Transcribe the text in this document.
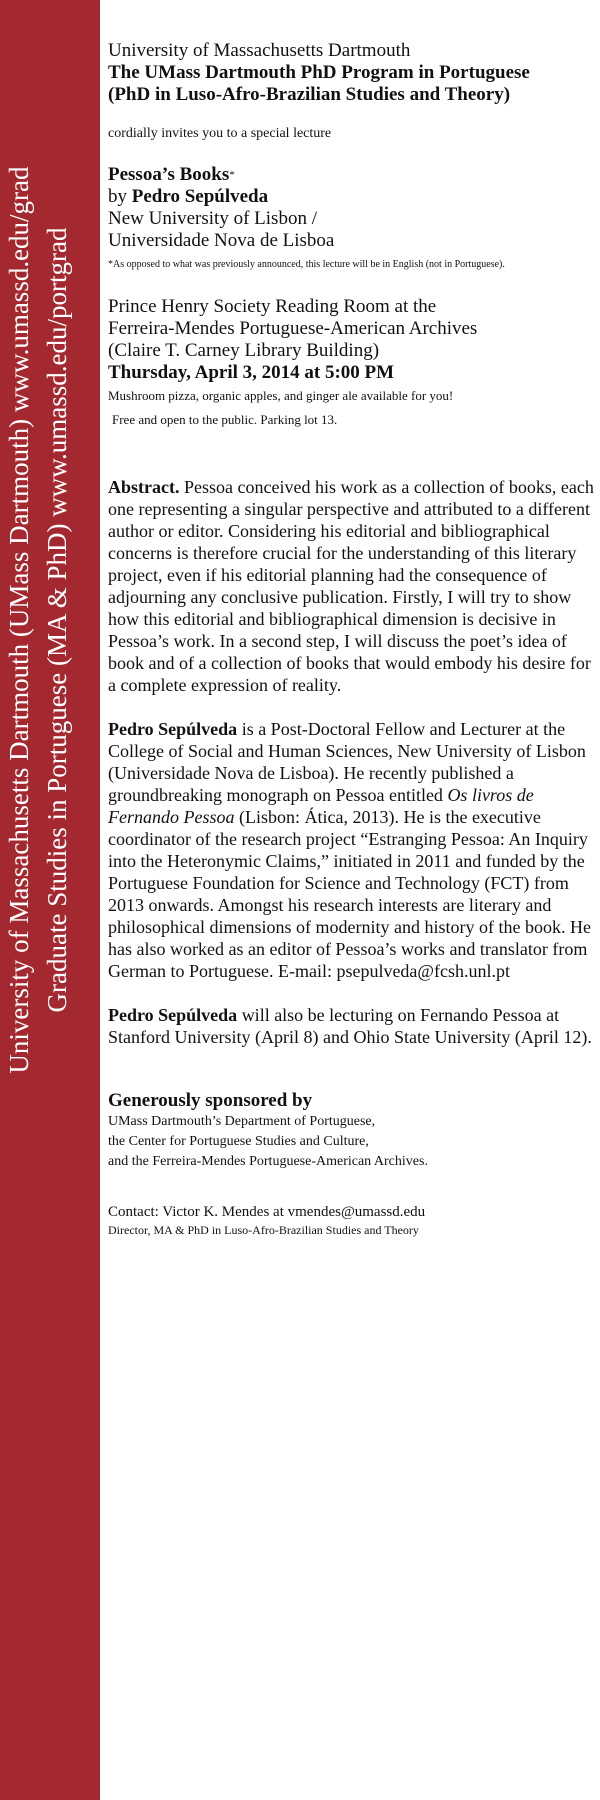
University of Massachusetts Dartmouth (UMass Dartmouth) www.umassd.edu/grad Graduate Studies in Portuguese (MA & PhD) www.umassd.edu/portgrad

University of Massachusetts Dartmouth

The UMass Dartmouth PhD Program in Portuguese

(PhD in Luso-Afro-Brazilian Studies and Theory)

cordially invites you to a special lecture

Pessoa’s Books*

by Pedro Sepúlveda

New University of Lisbon /

Universidade Nova de Lisboa

*As opposed to what was previously announced, this lecture will be in English (not in Portuguese).

Prince Henry Society Reading Room at the

Ferreira-Mendes Portuguese-American Archives

(Claire T. Carney Library Building)

Thursday, April 3, 2014 at 5:00 PM

Mushroom pizza, organic apples, and ginger ale available for you!

Free and open to the public. Parking lot 13.

Abstract. Pessoa conceived his work as a collection of books, each one representing a singular perspective and attributed to a different author or editor. Considering his editorial and bibliographical concerns is therefore crucial for the understanding of this literary project, even if his editorial planning had the consequence of adjourning any conclusive publication. Firstly, I will try to show how this editorial and bibliographical dimension is decisive in Pessoa’s work. In a second step, I will discuss the poet’s idea of book and of a collection of books that would embody his desire for a complete expression of reality.

Pedro Sepúlveda is a Post-Doctoral Fellow and Lecturer at the College of Social and Human Sciences, New University of Lisbon (Universidade Nova de Lisboa). He recently published a groundbreaking monograph on Pessoa entitled Os livros de Fernando Pessoa (Lisbon: Ática, 2013). He is the executive coordinator of the research project “Estranging Pessoa: An Inquiry into the Heteronymic Claims,” initiated in 2011 and funded by the Portuguese Foundation for Science and Technology (FCT) from 2013 onwards. Amongst his research interests are literary and philosophical dimensions of modernity and history of the book. He has also worked as an editor of Pessoa’s works and translator from German to Portuguese. E-mail: psepulveda@fcsh.unl.pt

Pedro Sepúlveda will also be lecturing on Fernando Pessoa at Stanford University (April 8) and Ohio State University (April 12).

Generously sponsored by

UMass Dartmouth’s Department of Portuguese,

the Center for Portuguese Studies and Culture,

and the Ferreira-Mendes Portuguese-American Archives.

Contact: Victor K. Mendes at vmendes@umassd.edu

Director, MA & PhD in Luso-Afro-Brazilian Studies and Theory
